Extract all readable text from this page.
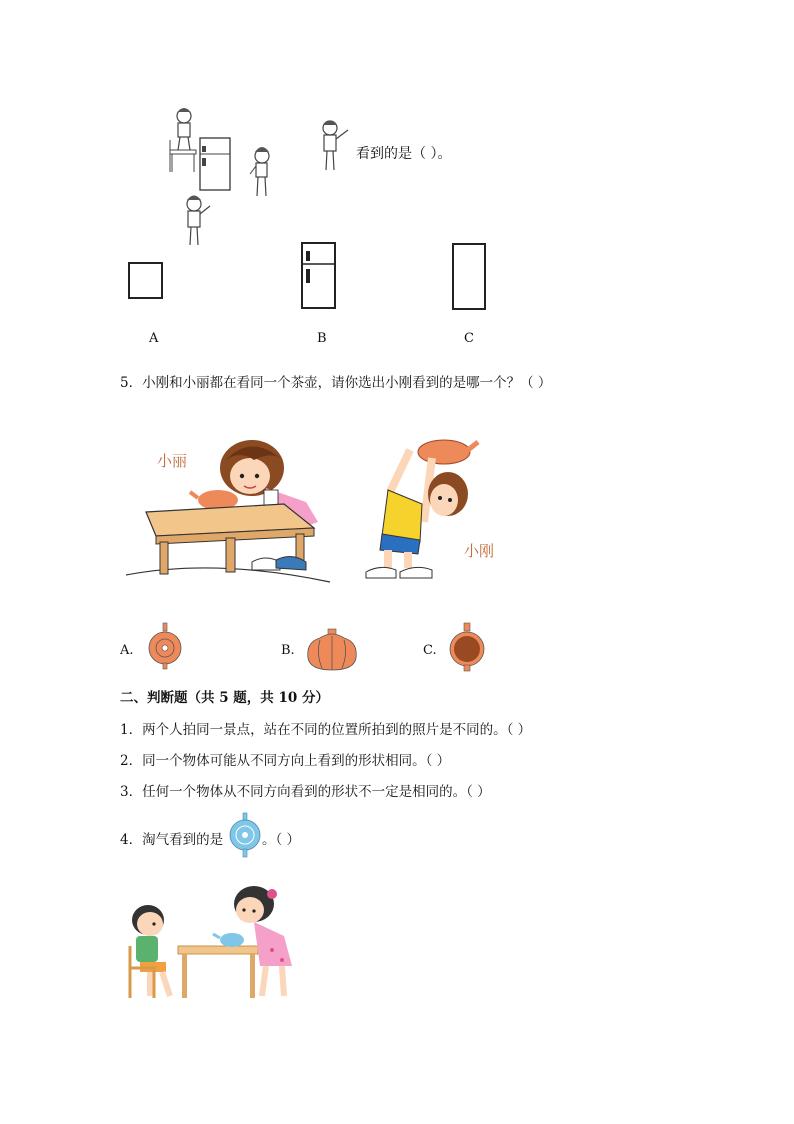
看到的是（ ）。
A	B	C
5．小刚和小丽都在看同一个茶壶，请你选出小刚看到的是哪一个？（ ）
小丽
小刚
A.	B.	C.
二、判断题（共 5 题，共 10 分）
1．两个人拍同一景点，站在不同的位置所拍到的照片是不同的。（ ）
2．同一个物体可能从不同方向上看到的形状相同。（ ）
3．任何一个物体从不同方向看到的形状不一定是相同的。（ ）
4．淘气看到的是	。（ ）
